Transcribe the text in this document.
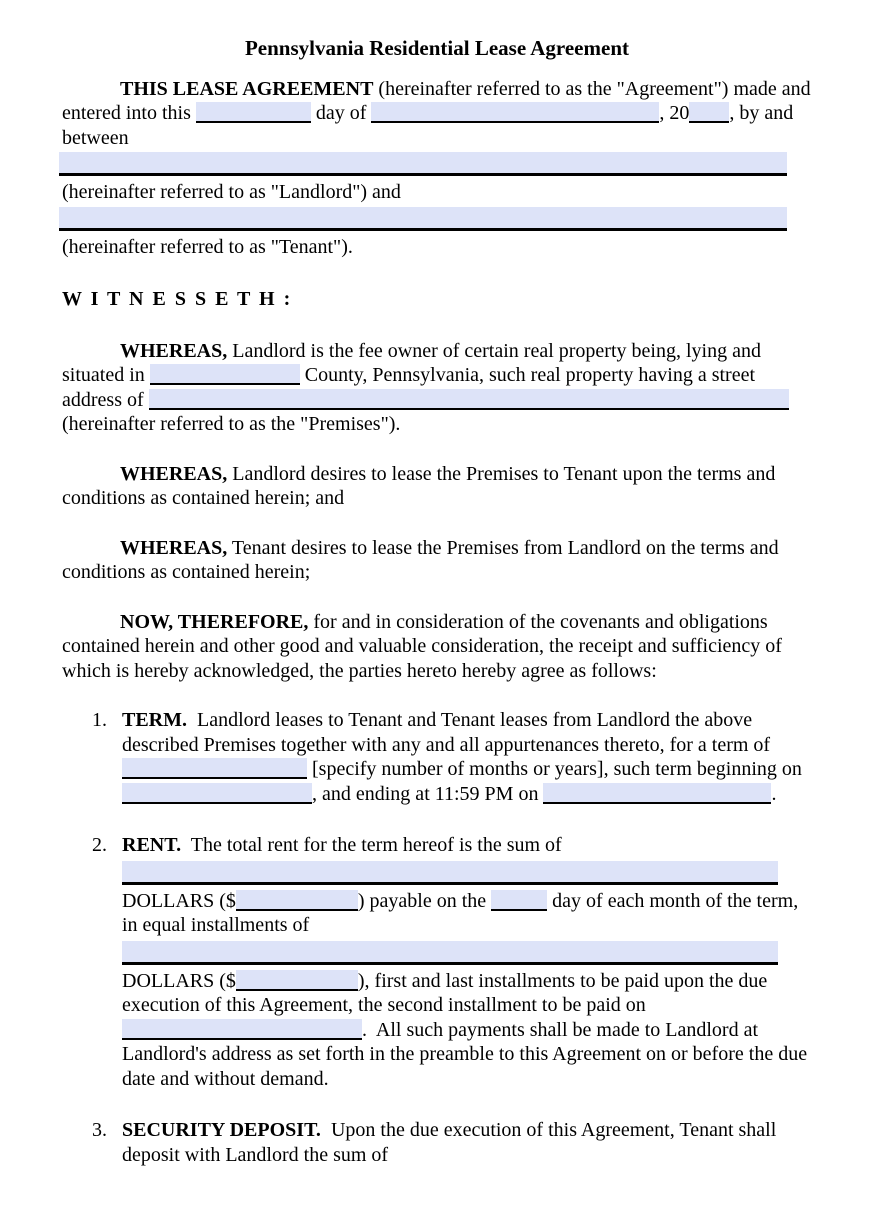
Pennsylvania Residential Lease Agreement

THIS LEASE AGREEMENT (hereinafter referred to as the "Agreement") made and entered into this	day of	, 20 , by and between

(hereinafter referred to as "Landlord") and

(hereinafter referred to as "Tenant").

W I T N E S S E T H :

WHEREAS, Landlord is the fee owner of certain real property being, lying and situated in	County, Pennsylvania, such real property having a street address of  (hereinafter referred to as the "Premises").

WHEREAS, Landlord desires to lease the Premises to Tenant upon the terms and conditions as contained herein; and

WHEREAS, Tenant desires to lease the Premises from Landlord on the terms and conditions as contained herein;

NOW, THEREFORE, for and in consideration of the covenants and obligations contained herein and other good and valuable consideration, the receipt and sufficiency of which is hereby acknowledged, the parties hereto hereby agree as follows:

1. TERM.  Landlord leases to Tenant and Tenant leases from Landlord the above described Premises together with any and all appurtenances thereto, for a term of  [specify number of months or years], such term beginning on , and ending at 11:59 PM on	.
2. RENT.  The total rent for the term hereof is the sum of
DOLLARS ($	) payable on the	day of each month of the term, in equal installments of
DOLLARS ($	), first and last installments to be paid upon the due execution of this Agreement, the second installment to be paid on .  All such payments shall be made to Landlord at Landlord's address as set forth in the preamble to this Agreement on or before the due date and without demand.
3. SECURITY DEPOSIT.  Upon the due execution of this Agreement, Tenant shall deposit with Landlord the sum of
